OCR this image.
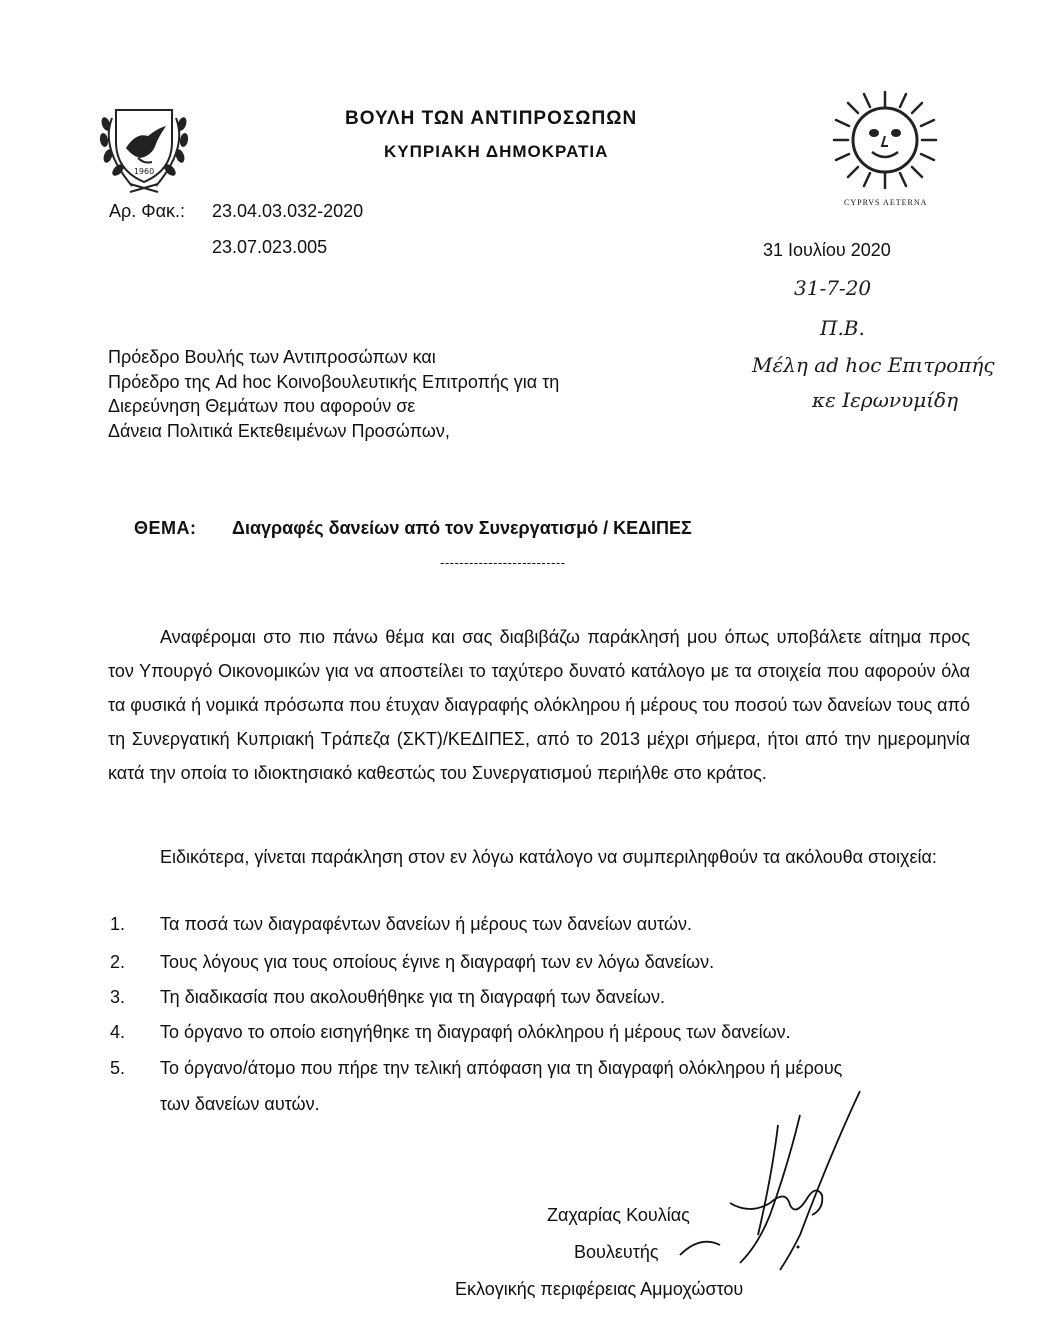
1960
ΒΟΥΛΗ ΤΩΝ ΑΝΤΙΠΡΟΣΩΠΩΝ
ΚΥΠΡΙΑΚΗ ΔΗΜΟΚΡΑΤΙΑ
CYPRVS AETERNA
Αρ. Φακ.: 23.04.03.032-2020
23.07.023.005	31 Ιουλίου 2020
31-7-20
Π.Β.
Μέλη ad hoc Επιτροπής
κε Ιερωνυμίδη
Πρόεδρο Βουλής των Αντιπροσώπων και
Πρόεδρο της Ad hoc Κοινοβουλευτικής Επιτροπής για τη
Διερεύνηση Θεμάτων που αφορούν σε
Δάνεια Πολιτικά Εκτεθειμένων Προσώπων,
ΘΕΜΑ: Διαγραφές δανείων από τον Συνεργατισμό / ΚΕΔΙΠΕΣ
--------------------------
Αναφέρομαι στο πιο πάνω θέμα και σας διαβιβάζω παράκλησή μου όπως υποβάλετε αίτημα προς τον Υπουργό Οικονομικών για να αποστείλει το ταχύτερο δυνατό κατάλογο με τα στοιχεία που αφορούν όλα τα φυσικά ή νομικά πρόσωπα που έτυχαν διαγραφής ολόκληρου ή μέρους του ποσού των δανείων τους από τη Συνεργατική Κυπριακή Τράπεζα (ΣΚΤ)/ΚΕΔΙΠΕΣ, από το 2013 μέχρι σήμερα, ήτοι από την ημερομηνία κατά την οποία το ιδιοκτησιακό καθεστώς του Συνεργατισμού περιήλθε στο κράτος.
Ειδικότερα, γίνεται παράκληση στον εν λόγω κατάλογο να συμπεριληφθούν τα ακόλουθα στοιχεία:
1. Τα ποσά των διαγραφέντων δανείων ή μέρους των δανείων αυτών.
2. Τους λόγους για τους οποίους έγινε η διαγραφή των εν λόγω δανείων.
3. Τη διαδικασία που ακολουθήθηκε για τη διαγραφή των δανείων.
4. Το όργανο το οποίο εισηγήθηκε τη διαγραφή ολόκληρου ή μέρους των δανείων.
5. Το όργανο/άτομο που πήρε την τελική απόφαση για τη διαγραφή ολόκληρου ή μέρους
των δανείων αυτών.
Ζαχαρίας Κουλίας
Βουλευτής
Εκλογικής περιφέρειας Αμμοχώστου
